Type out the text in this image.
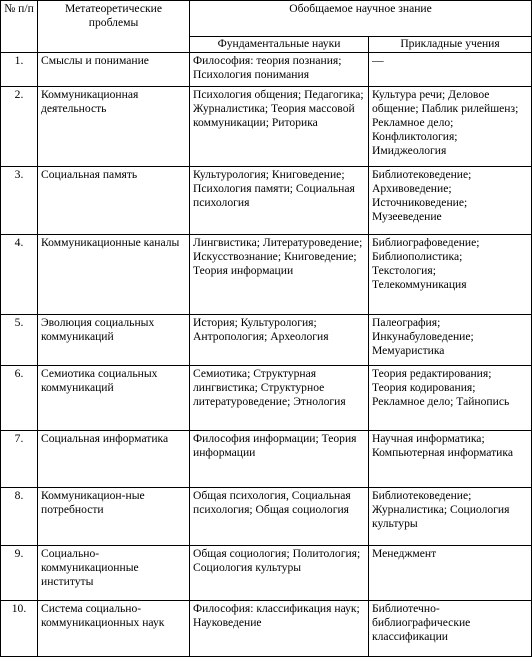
№ п/п	Метатеоретические проблемы	Обобщаемое научное знание	
		Фундаментальные науки	Прикладные учения
1.	Смыслы и понимание	Философия: теория познания; Психология понимания	—
2.	Коммуникационная деятельность	Психология общения; Педагогика; Журналистика; Теория массовой коммуникации; Риторика	Культура речи; Деловое общение; Паблик рилейшенз; Рекламное дело; Конфликтология; Имиджеология
3.	Социальная память	Культурология; Книговедение; Психология памяти; Социальная психология	Библиотековедение; Архивоведение; Источниковедение; Музееведение
4.	Коммуникационные каналы	Лингвистика; Литературоведение; Искусствознание; Книговедение; Теория информации	Библиографоведение; Библиополистика; Текстология; Телекоммуникация
5.	Эволюция социальных коммуникаций	История; Культурология; Антропология; Археология	Палеография; Инкунабуловедение; Мемуаристика
6.	Семиотика социальных коммуникаций	Семиотика; Структурная лингвистика; Структурное литературоведение; Этнология	Теория редактирования; Теория кодирования; Рекламное дело; Тайнопись
7.	Социальная информатика	Философия информации; Теория информации	Научная информатика; Компьютерная информатика
8.	Коммуникацион-ные потребности	Общая психология, Социальная психология; Общая социология	Библиотековедение; Журналистика; Социология культуры
9.	Социально-коммуникационные институты	Общая социология; Политология; Социология культуры	Менеджмент
10.	Система социально-коммуникационных наук	Философия: классификация наук; Науковедение	Библиотечно-библиографические классификации
